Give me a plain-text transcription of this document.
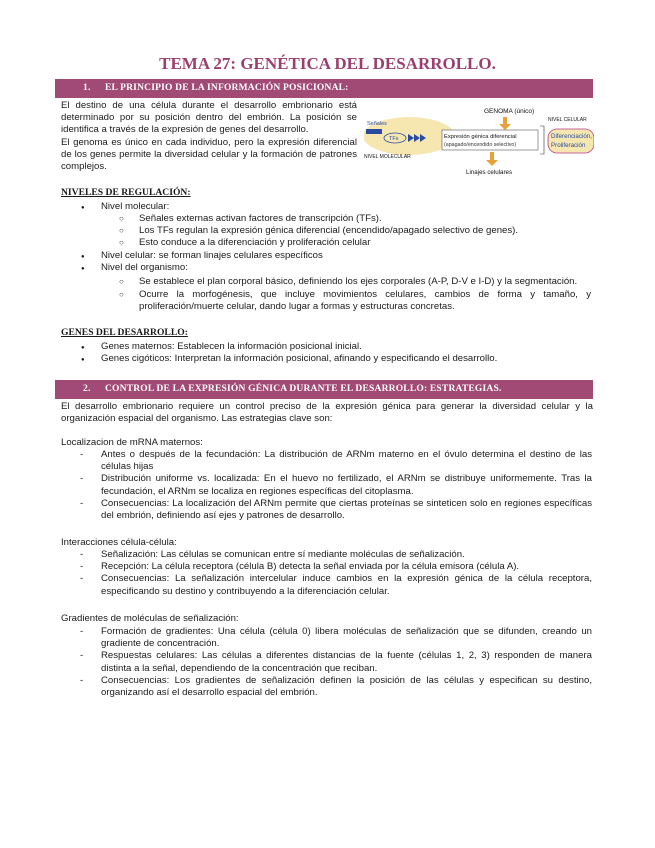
TEMA 27: GENÉTICA DEL DESARROLLO.
1. EL PRINCIPIO DE LA INFORMACIÓN POSICIONAL:

El destino de una célula durante el desarrollo embrionario está determinado por su posición dentro del embrión. La posición se identifica a través de la expresión de genes del desarrollo.

El genoma es único en cada individuo, pero la expresión diferencial de los genes permite la diversidad celular y la formación de patrones complejos.

GENOMA (único)
Señales
TFs	Expresión génica diferencial
(apagado/encendido selectivo)
Diferenciación,
Proliferación
NIVEL CELULAR
NIVEL MOLECULAR
Linajes celulares

NIVELES DE REGULACIÓN:

● Nivel molecular:
○ Señales externas activan factores de transcripción (TFs).
○ Los TFs regulan la expresión génica diferencial (encendido/apagado selectivo de genes).
○ Esto conduce a la diferenciación y proliferación celular
● Nivel celular: se forman linajes celulares específicos
● Nivel del organismo:
○ Se establece el plan corporal básico, definiendo los ejes corporales (A-P, D-V e I-D) y la segmentación.
○ Ocurre la morfogénesis, que incluye movimientos celulares, cambios de forma y tamaño, y proliferación/muerte celular, dando lugar a formas y estructuras concretas.

GENES DEL DESARROLLO:

● Genes maternos: Establecen la información posicional inicial.
● Genes cigóticos: Interpretan la información posicional, afinando y especificando el desarrollo.
2. CONTROL DE LA EXPRESIÓN GÉNICA DURANTE EL DESARROLLO: ESTRATEGIAS.

El desarrollo embrionario requiere un control preciso de la expresión génica para generar la diversidad celular y la organización espacial del organismo. Las estrategias clave son:

Localizacion de mRNA maternos:

- Antes o después de la fecundación: La distribución de ARNm materno en el óvulo determina el destino de las células hijas
- Distribución uniforme vs. localizada: En el huevo no fertilizado, el ARNm se distribuye uniformemente. Tras la fecundación, el ARNm se localiza en regiones específicas del citoplasma.
- Consecuencias: La localización del ARNm permite que ciertas proteínas se sinteticen solo en regiones específicas del embrión, definiendo así ejes y patrones de desarrollo.

Interacciones célula-célula:

- Señalización: Las células se comunican entre sí mediante moléculas de señalización.
- Recepción: La célula receptora (célula B) detecta la señal enviada por la célula emisora (célula A).
- Consecuencias: La señalización intercelular induce cambios en la expresión génica de la célula receptora, especificando su destino y contribuyendo a la diferenciación celular.

Gradientes de moléculas de señalización:

- Formación de gradientes: Una célula (célula 0) libera moléculas de señalización que se difunden, creando un gradiente de concentración.
- Respuestas celulares: Las células a diferentes distancias de la fuente (células 1, 2, 3) responden de manera distinta a la señal, dependiendo de la concentración que reciban.
- Consecuencias: Los gradientes de señalización definen la posición de las células y especifican su destino, organizando así el desarrollo espacial del embrión.
